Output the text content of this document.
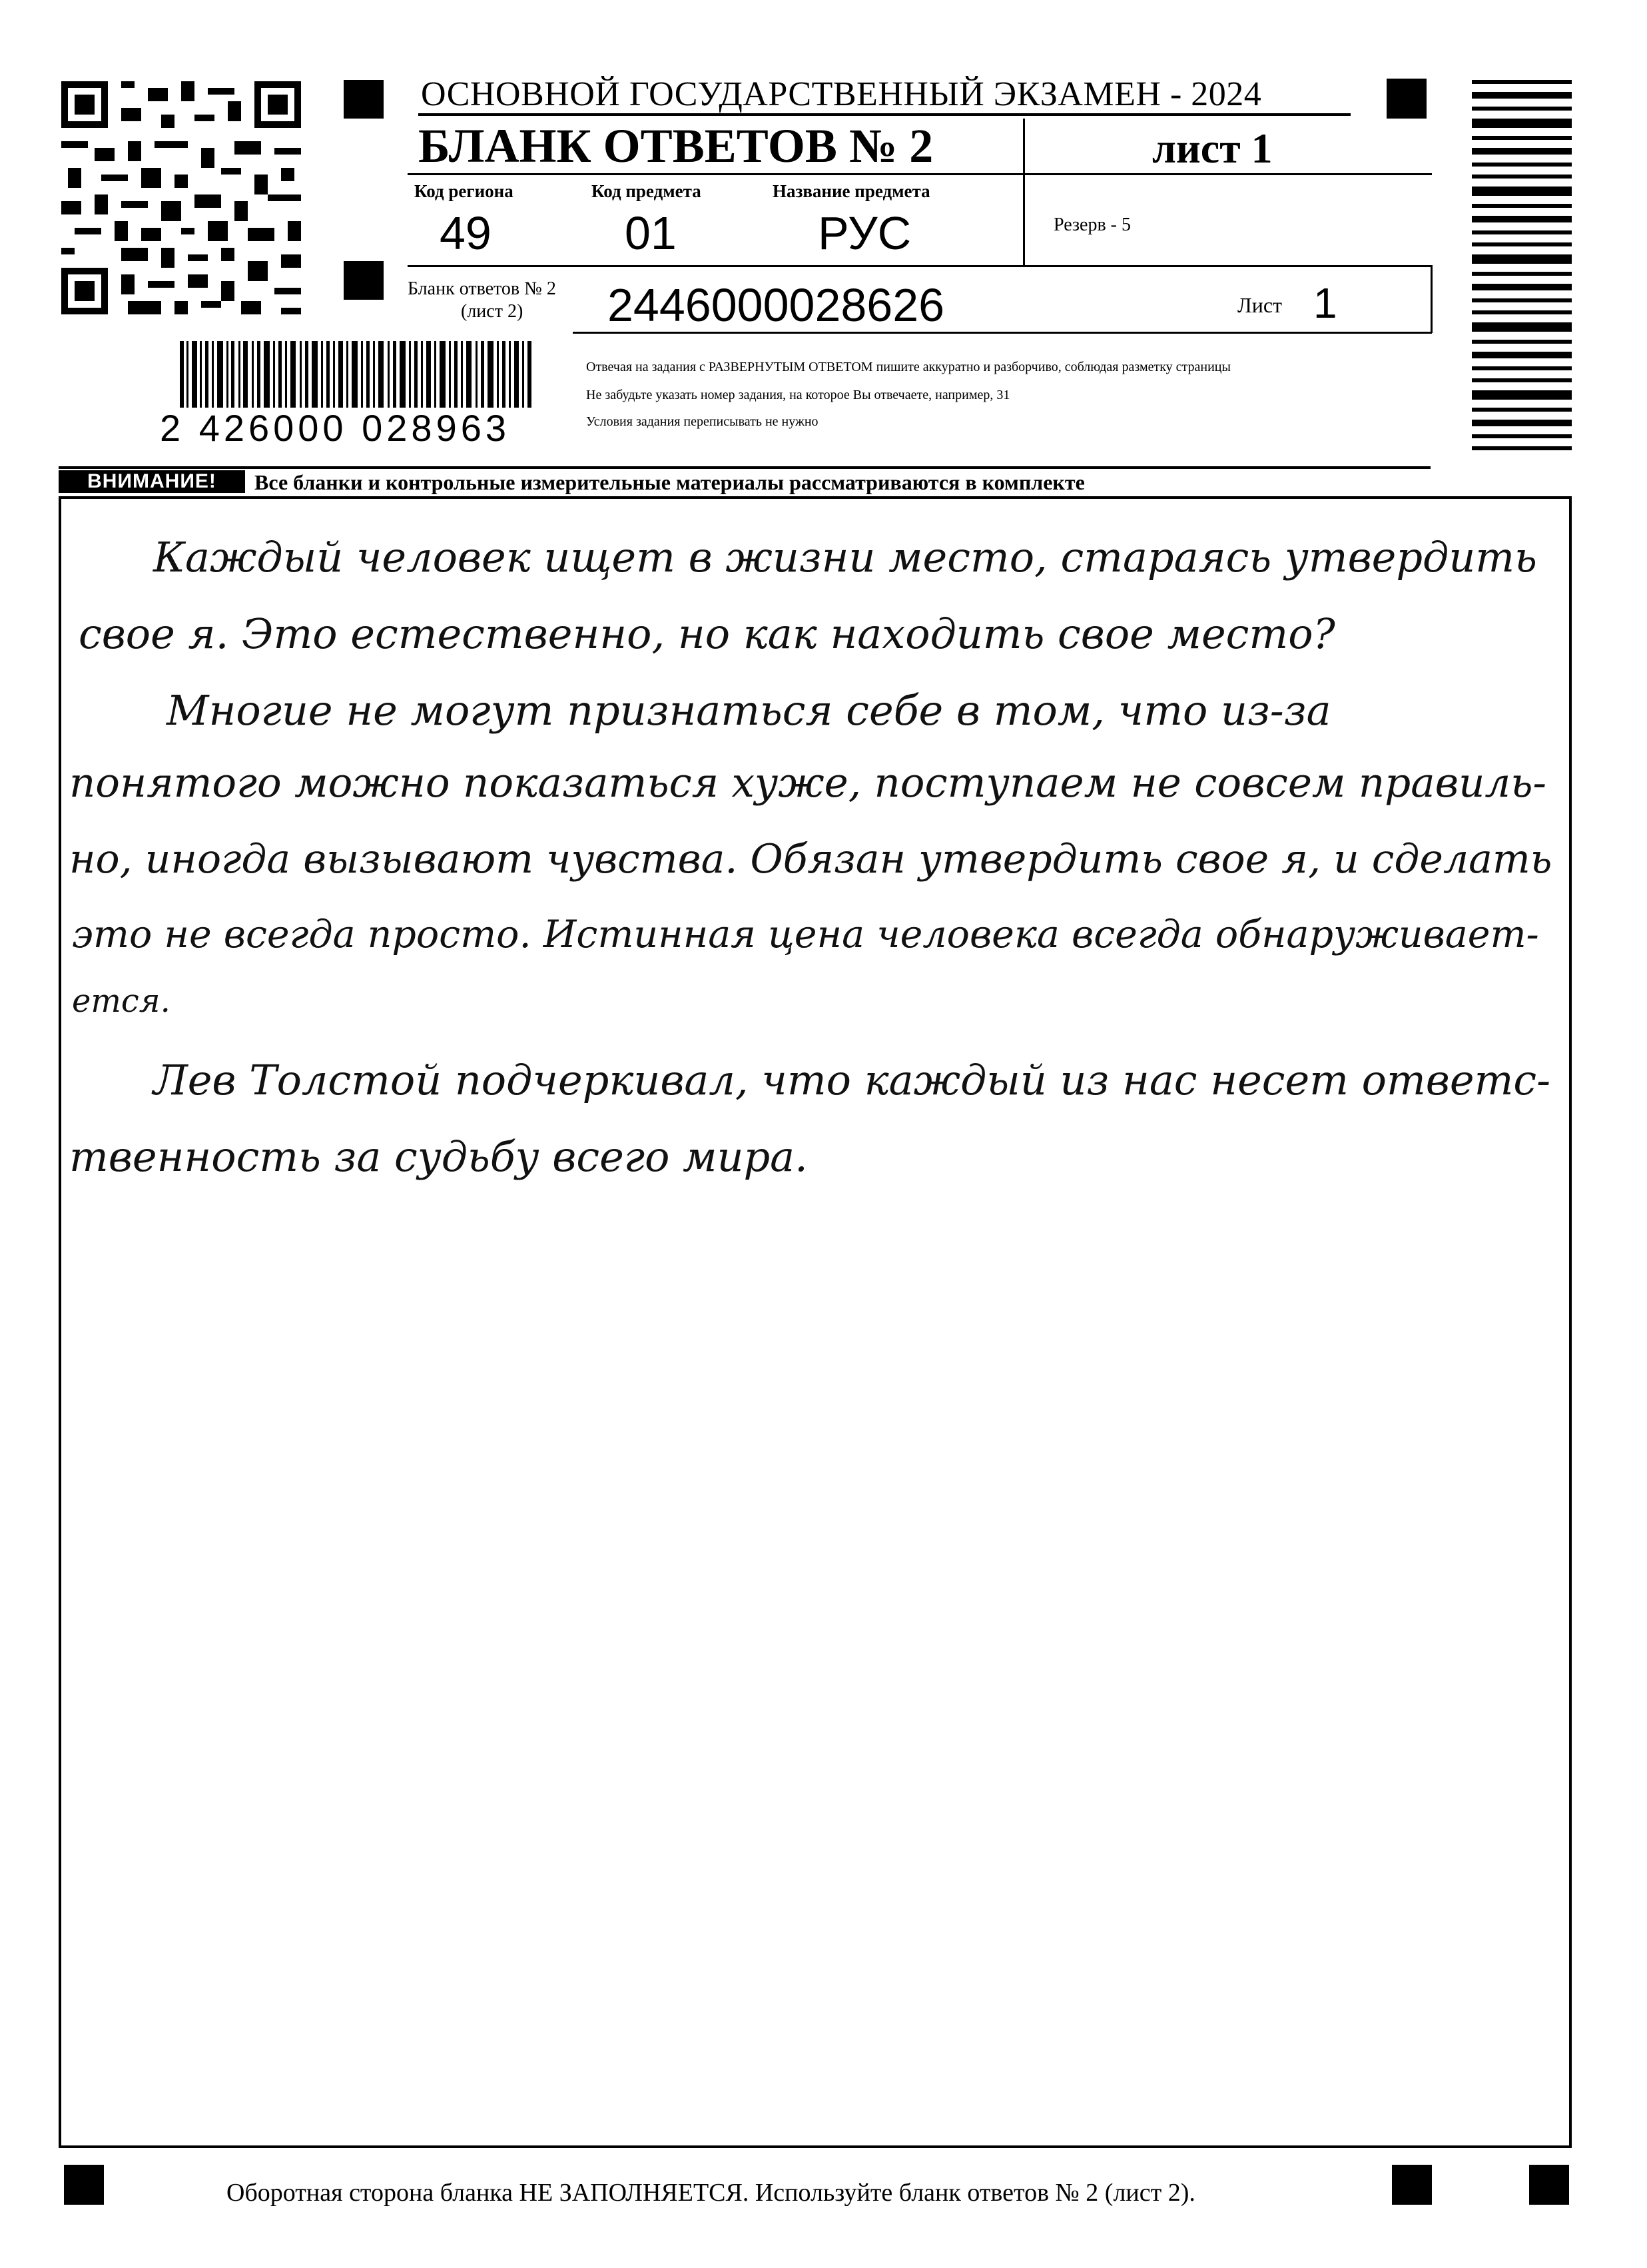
ОСНОВНОЙ ГОСУДАРСТВЕННЫЙ ЭКЗАМЕН - 2024
БЛАНК ОТВЕТОВ № 2	лист 1
Код региона
49
Код предмета
01
Название предмета
РУС	Резерв - 5
Бланк ответов № 2
(лист 2) 2446000028626	Лист 1
2 426000 028963
Отвечая на задания с РАЗВЕРНУТЫМ ОТВЕТОМ пишите аккуратно и разборчиво, соблюдая разметку страницы
Не забудьте указать номер задания, на которое Вы отвечаете, например, 31
Условия задания переписывать не нужно
ВНИМАНИЕ!	Все бланки и контрольные измерительные материалы рассматриваются в комплекте
Каждый человек ищет в жизни место, стараясь утвердить
свое я. Это естественно, но как находить свое место?
Многие не могут признаться себе в том, что из-за
понятого можно показаться хуже, поступаем не совсем правиль-
но, иногда вызывают чувства. Обязан утвердить свое я, и сделать
это не всегда просто. Истинная цена человека всегда обнаруживает-
ется.
Лев Толстой подчеркивал, что каждый из нас несет ответс-
твенность за судьбу всего мира.
Оборотная сторона бланка НЕ ЗАПОЛНЯЕТСЯ. Используйте бланк ответов № 2 (лист 2).
